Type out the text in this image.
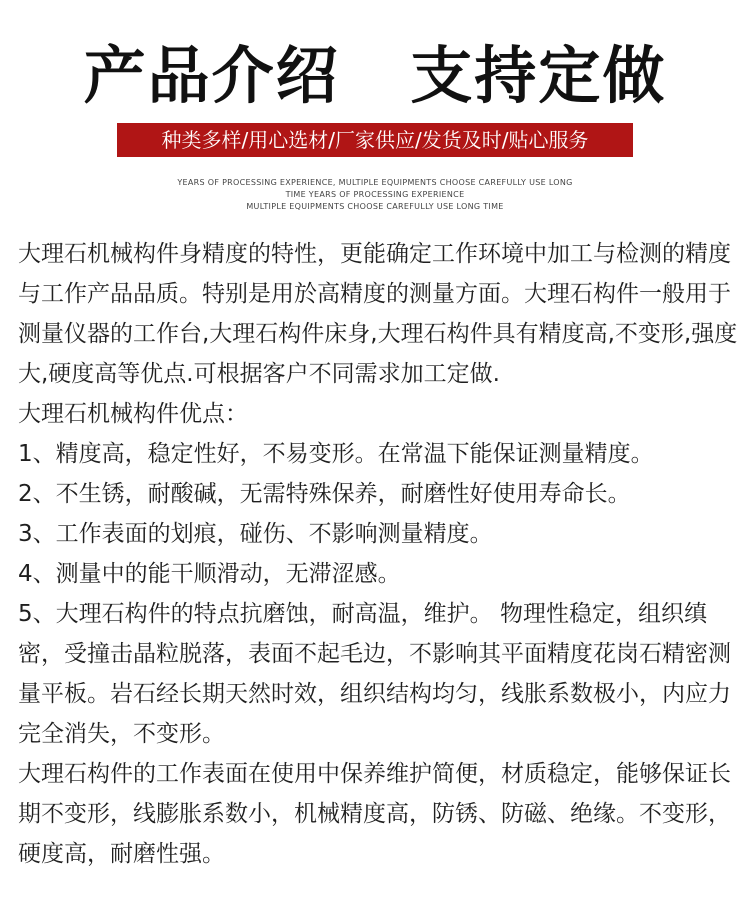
产品介绍   支持定做
种类多样/用心选材/厂家供应/发货及时/贴心服务
YEARS OF PROCESSING EXPERIENCE, MULTIPLE EQUIPMENTS CHOOSE CAREFULLY USE LONG
TIME YEARS OF PROCESSING EXPERIENCE
MULTIPLE EQUIPMENTS CHOOSE CAREFULLY USE LONG TIME

大理石机械构件身精度的特性，更能确定工作环境中加工与检测的精度与工作产品品质。特别是用於高精度的测量方面。大理石构件一般用于测量仪器的工作台,大理石构件床身,大理石构件具有精度高,不变形,强度大,硬度高等优点.可根据客户不同需求加工定做.

大理石机械构件优点：

1、精度高，稳定性好，不易变形。在常温下能保证测量精度。

2、不生锈，耐酸碱，无需特殊保养，耐磨性好使用寿命长。

3、工作表面的划痕，碰伤、不影响测量精度。

4、测量中的能干顺滑动，无滞涩感。

5、大理石构件的特点抗磨蚀，耐高温，维护。 物理性稳定，组织缜密，受撞击晶粒脱落，表面不起毛边，不影响其平面精度花岗石精密测量平板。岩石经长期天然时效，组织结构均匀，线胀系数极小，内应力完全消失，不变形。

大理石构件的工作表面在使用中保养维护简便，材质稳定，能够保证长期不变形，线膨胀系数小，机械精度高，防锈、防磁、绝缘。不变形，硬度高，耐磨性强。
